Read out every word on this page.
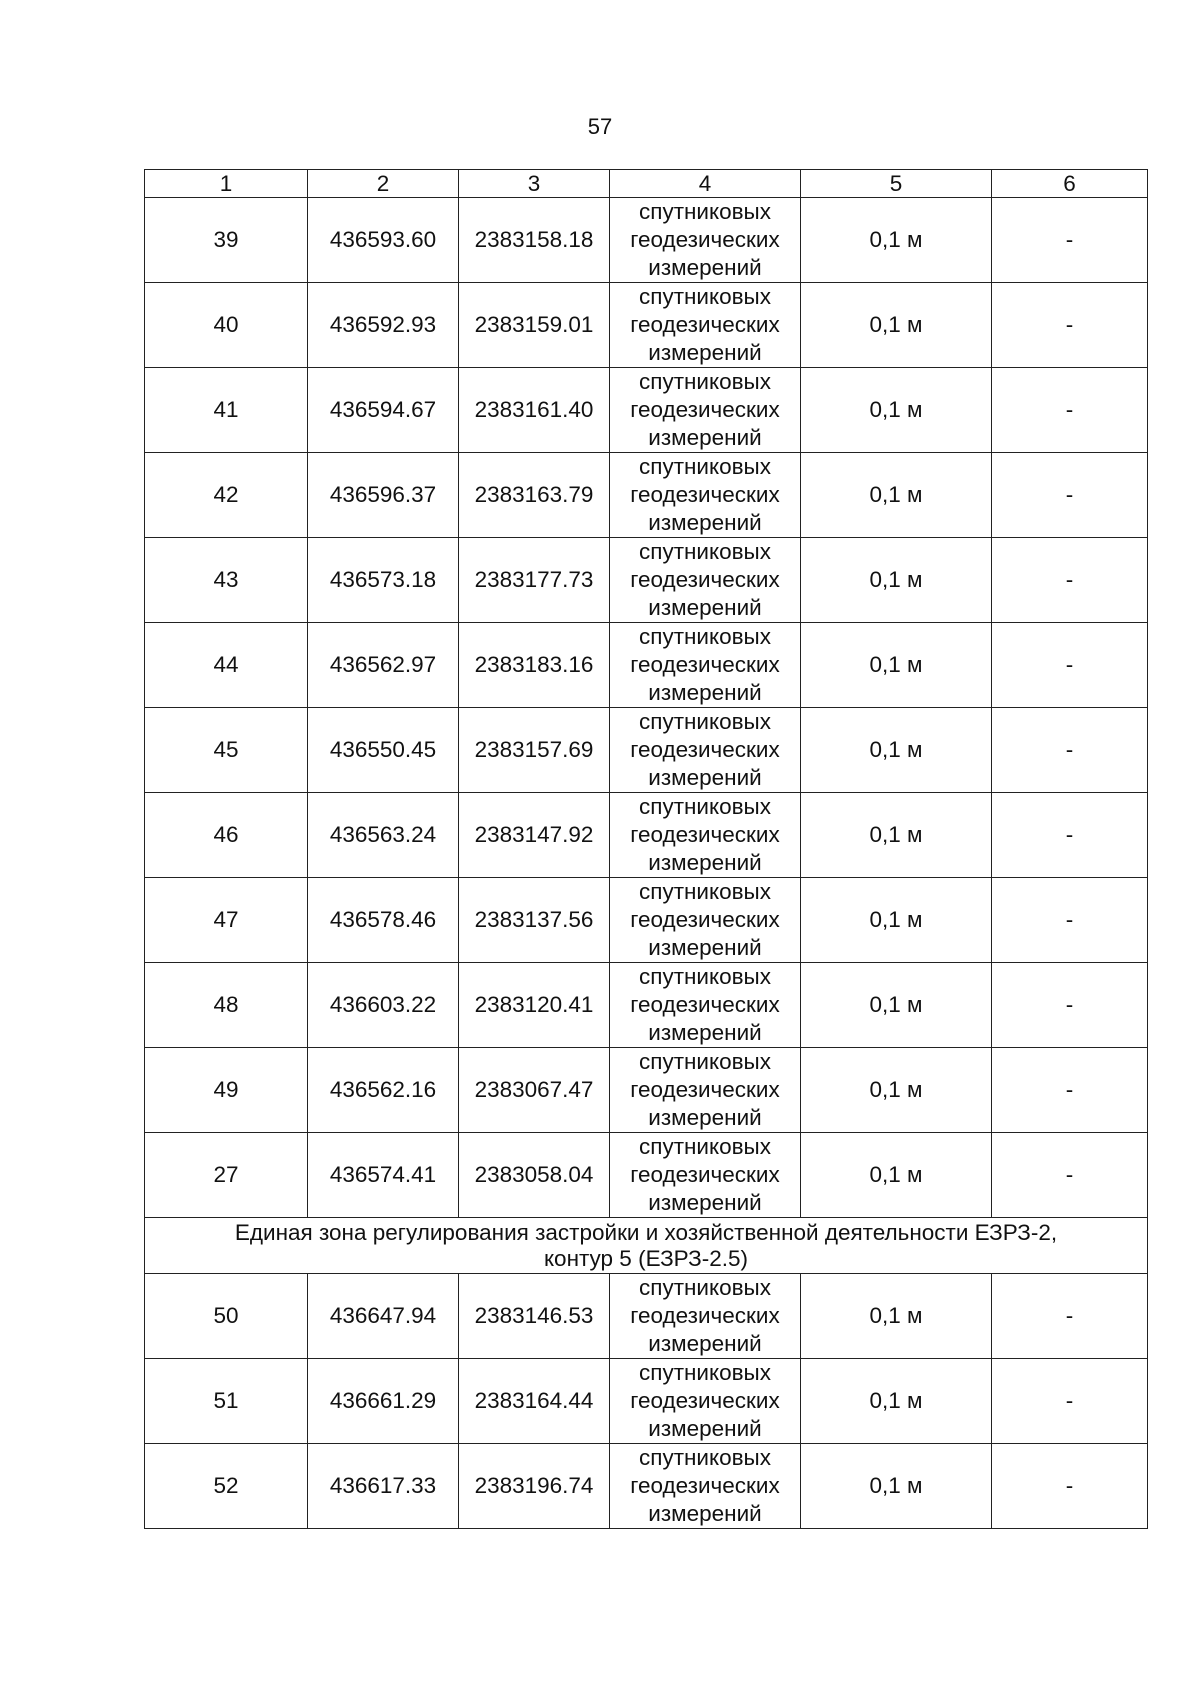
57
1	2	3	4	5	6
39	436593.60	2383158.18	спутниковых
геодезических
измерений	0,1 м	-
40	436592.93	2383159.01	спутниковых
геодезических
измерений	0,1 м	-
41	436594.67	2383161.40	спутниковых
геодезических
измерений	0,1 м	-
42	436596.37	2383163.79	спутниковых
геодезических
измерений	0,1 м	-
43	436573.18	2383177.73	спутниковых
геодезических
измерений	0,1 м	-
44	436562.97	2383183.16	спутниковых
геодезических
измерений	0,1 м	-
45	436550.45	2383157.69	спутниковых
геодезических
измерений	0,1 м	-
46	436563.24	2383147.92	спутниковых
геодезических
измерений	0,1 м	-
47	436578.46	2383137.56	спутниковых
геодезических
измерений	0,1 м	-
48	436603.22	2383120.41	спутниковых
геодезических
измерений	0,1 м	-
49	436562.16	2383067.47	спутниковых
геодезических
измерений	0,1 м	-
27	436574.41	2383058.04	спутниковых
геодезических
измерений	0,1 м	-

Единая зона регулирования застройки и хозяйственной деятельности ЕЗРЗ-2,
контур 5 (ЕЗРЗ-2.5)					

50	436647.94	2383146.53	спутниковых
геодезических
измерений	0,1 м	-
51	436661.29	2383164.44	спутниковых
геодезических
измерений	0,1 м	-
52	436617.33	2383196.74	спутниковых
геодезических
измерений	0,1 м	-
